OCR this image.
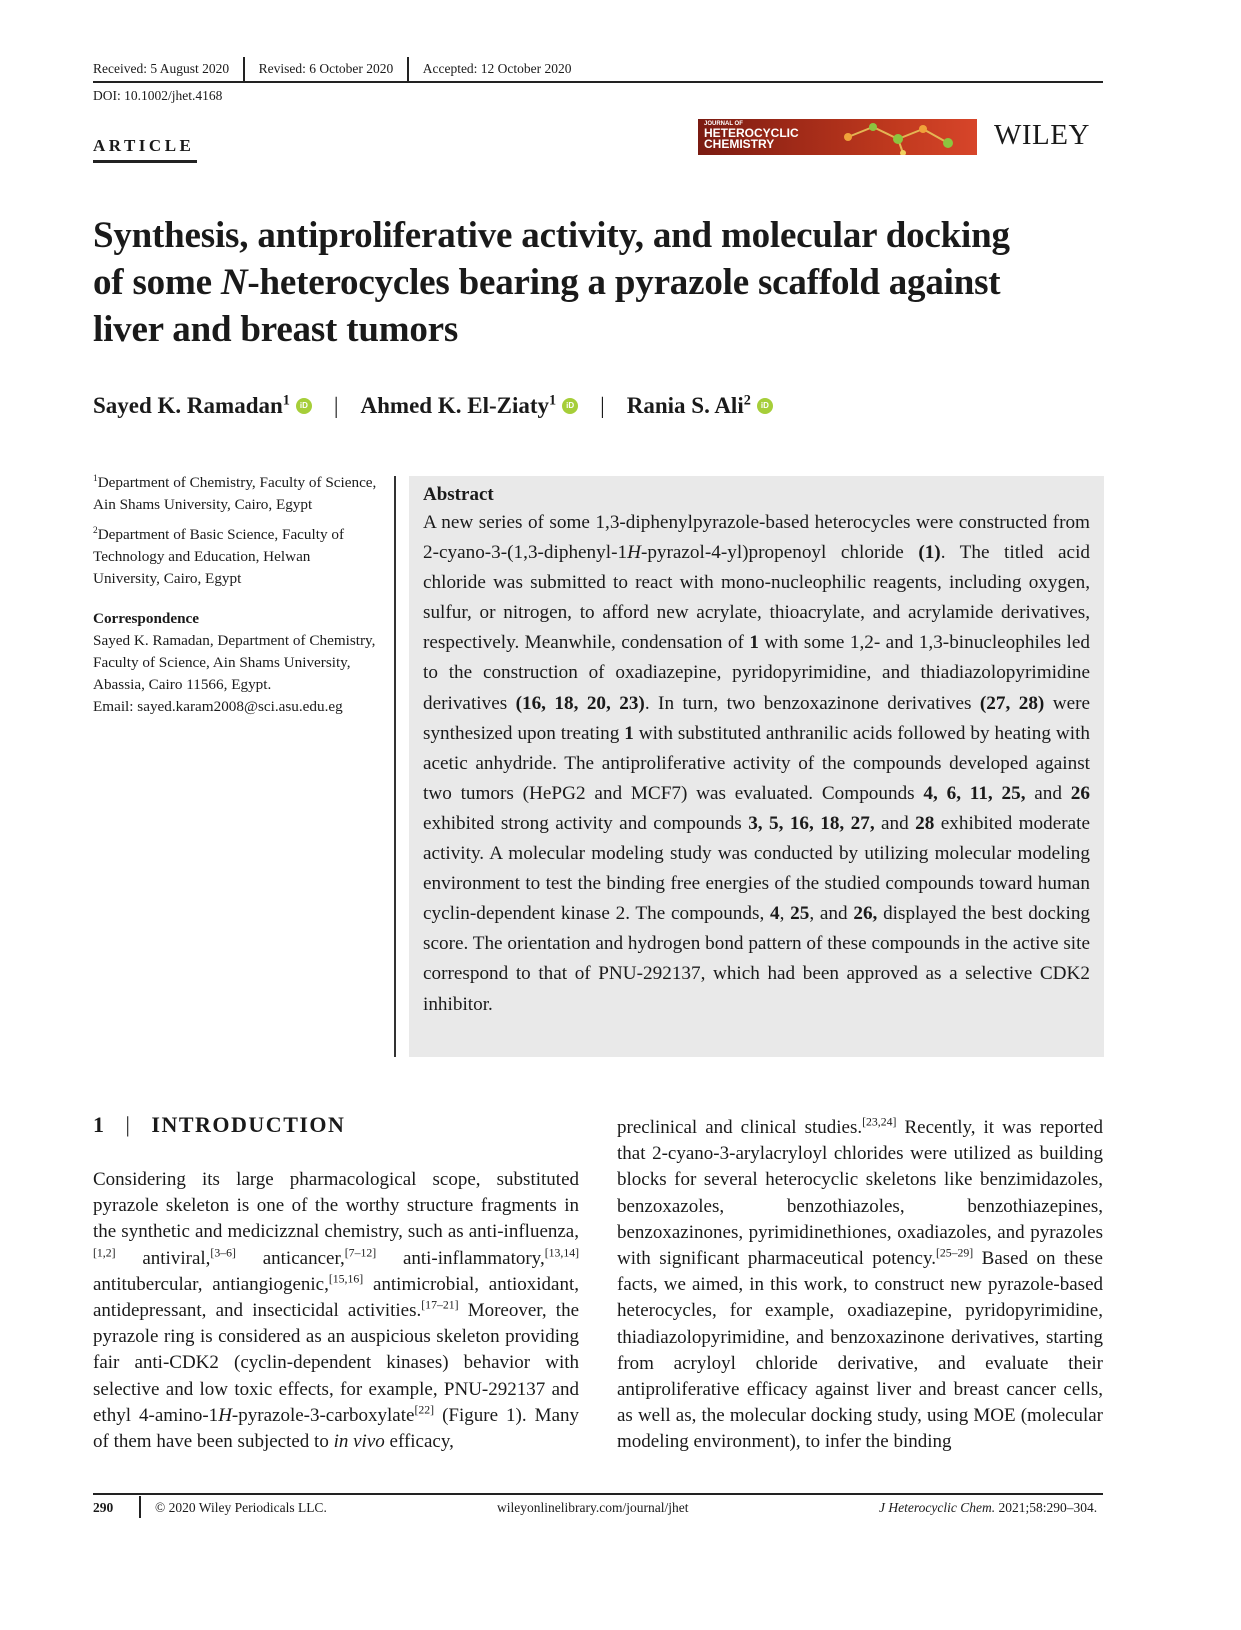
Received: 5 August 2020	Revised: 6 October 2020	Accepted: 12 October 2020
DOI: 10.1002/jhet.4168
ARTICLE
JOURNAL OF
HETEROCYCLIC
CHEMISTRY	WILEY
Synthesis, antiproliferative activity, and molecular docking
of some N-heterocycles bearing a pyrazole scaffold against
liver and breast tumors
Sayed K. Ramadan$^1$	iD | Ahmed K. El-Ziaty$^1$	iD | Rania S. Ali$^2$	iD

$^1$Department of Chemistry, Faculty of Science, Ain Shams University, Cairo, Egypt

$^2$Department of Basic Science, Faculty of Technology and Education, Helwan University, Cairo, Egypt

Correspondence
Sayed K. Ramadan, Department of Chemistry, Faculty of Science, Ain Shams University, Abassia, Cairo 11566, Egypt.
Email: sayed.karam2008@sci.asu.edu.eg

Abstract

A new series of some 1,3-diphenylpyrazole-based heterocycles were constructed from 2-cyano-3-(1,3-diphenyl-1H-pyrazol-4-yl)propenoyl chloride (1). The titled acid chloride was submitted to react with mono-nucleophilic reagents, including oxygen, sulfur, or nitrogen, to afford new acrylate, thioacrylate, and acrylamide derivatives, respectively. Meanwhile, condensation of 1 with some 1,2- and 1,3-binucleophiles led to the construction of oxadiazepine, pyridopyrimidine, and thiadiazolopyrimidine derivatives (16, 18, 20, 23). In turn, two benzoxazinone derivatives (27, 28) were synthesized upon treating 1 with substituted anthranilic acids followed by heating with acetic anhydride. The antiproliferative activity of the compounds developed against two tumors (HePG2 and MCF7) was evaluated. Compounds 4, 6, 11, 25, and 26 exhibited strong activity and compounds 3, 5, 16, 18, 27, and 28 exhibited moderate activity. A molecular modeling study was conducted by utilizing molecular modeling environment to test the binding free energies of the studied compounds toward human cyclin-dependent kinase 2. The compounds, 4, 25, and 26, displayed the best docking score. The orientation and hydrogen bond pattern of these compounds in the active site correspond to that of PNU-292137, which had been approved as a selective CDK2 inhibitor.

1 | INTRODUCTION

Considering its large pharmacological scope, substituted pyrazole skeleton is one of the worthy structure fragments in the synthetic and medicizznal chemistry, such as anti-influenza,[1,2] antiviral,[3–6] anticancer,[7–12] anti-inflammatory,[13,14] antitubercular, antiangiogenic,[15,16] antimicrobial, antioxidant, antidepressant, and insecticidal activities.[17–21] Moreover, the pyrazole ring is considered as an auspicious skeleton providing fair anti-CDK2 (cyclin-dependent kinases) behavior with selective and low toxic effects, for example, PNU-292137 and ethyl 4-amino-1H-pyrazole-3-carboxylate[22] (Figure 1). Many of them have been subjected to in vivo efficacy,

preclinical and clinical studies.[23,24] Recently, it was reported that 2-cyano-3-arylacryloyl chlorides were utilized as building blocks for several heterocyclic skeletons like benzimidazoles, benzoxazoles, benzothiazoles, benzothiazepines, benzoxazinones, pyrimidinethiones, oxadiazoles, and pyrazoles with significant pharmaceutical potency.[25–29] Based on these facts, we aimed, in this work, to construct new pyrazole-based heterocycles, for example, oxadiazepine, pyridopyrimidine, thiadiazolopyrimidine, and benzoxazinone derivatives, starting from acryloyl chloride derivative, and evaluate their antiproliferative efficacy against liver and breast cancer cells, as well as, the molecular docking study, using MOE (molecular modeling environment), to infer the binding

290	© 2020 Wiley Periodicals LLC.	wileyonlinelibrary.com/journal/jhet	J Heterocyclic Chem. 2021;58:290–304.
